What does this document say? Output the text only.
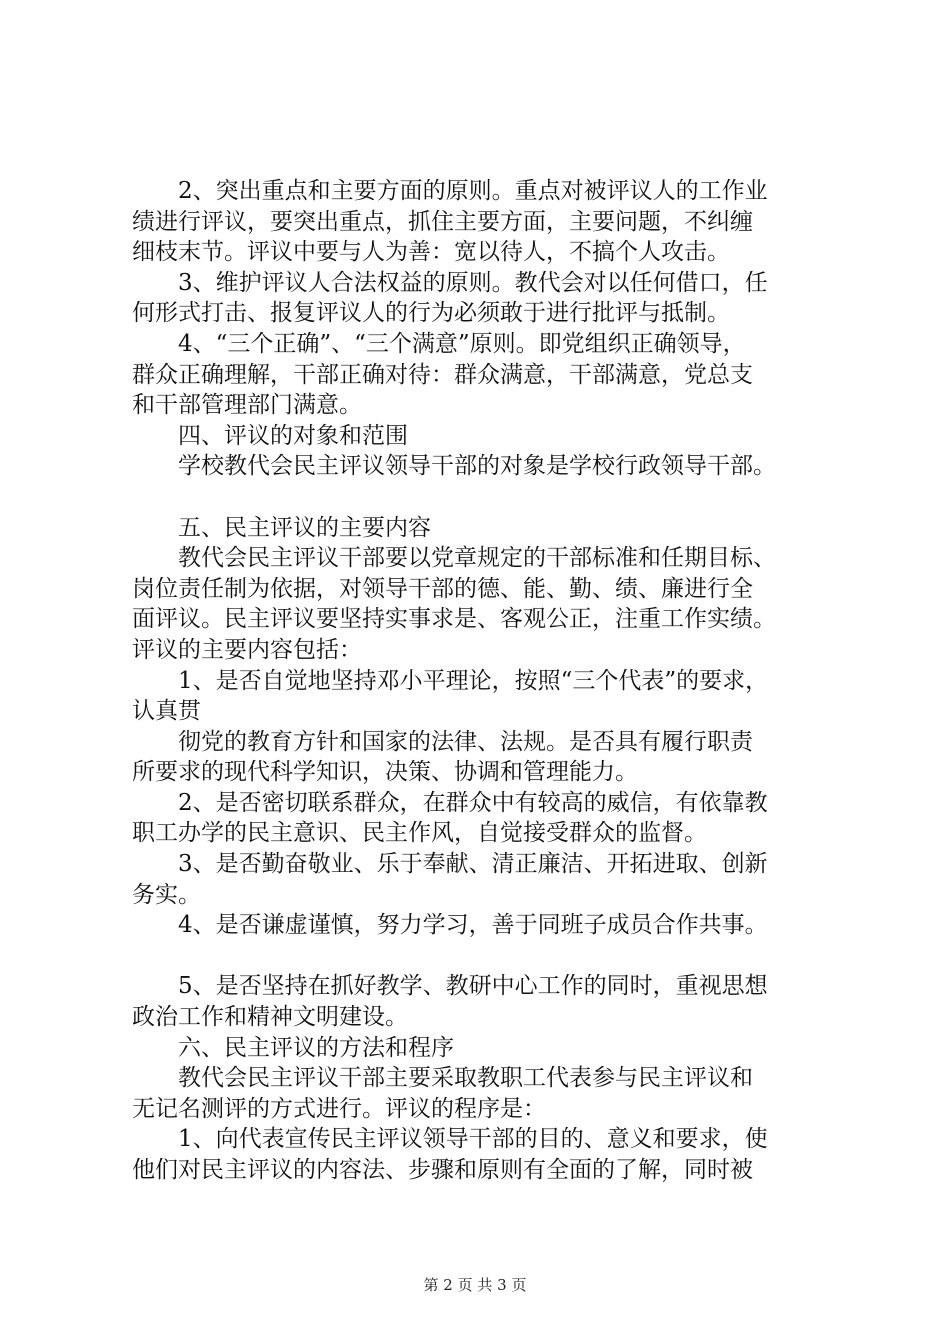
2、突出重点和主要方面的原则。重点对被评议人的工作业
绩进行评议，要突出重点，抓住主要方面，主要问题，不纠缠
细枝末节。评议中要与人为善：宽以待人，不搞个人攻击。
3、维护评议人合法权益的原则。教代会对以任何借口，任
何形式打击、报复评议人的行为必须敢于进行批评与抵制。
4、“三个正确”、“三个满意”原则。即党组织正确领导，
群众正确理解，干部正确对待：群众满意，干部满意，党总支
和干部管理部门满意。
四、评议的对象和范围
学校教代会民主评议领导干部的对象是学校行政领导干部。
五、民主评议的主要内容
教代会民主评议干部要以党章规定的干部标准和任期目标、
岗位责任制为依据，对领导干部的德、能、勤、绩、廉进行全
面评议。民主评议要坚持实事求是、客观公正，注重工作实绩。
评议的主要内容包括：
1、是否自觉地坚持邓小平理论，按照“三个代表”的要求，
认真贯
彻党的教育方针和国家的法律、法规。是否具有履行职责
所要求的现代科学知识，决策、协调和管理能力。
2、是否密切联系群众，在群众中有较高的威信，有依靠教
职工办学的民主意识、民主作风，自觉接受群众的监督。
3、是否勤奋敬业、乐于奉献、清正廉洁、开拓进取、创新
务实。
4、是否谦虚谨慎，努力学习，善于同班子成员合作共事。
5、是否坚持在抓好教学、教研中心工作的同时，重视思想
政治工作和精神文明建设。
六、民主评议的方法和程序
教代会民主评议干部主要采取教职工代表参与民主评议和
无记名测评的方式进行。评议的程序是：
1、向代表宣传民主评议领导干部的目的、意义和要求，使
他们对民主评议的内容法、步骤和原则有全面的了解，同时被
第 2 页 共 3 页
